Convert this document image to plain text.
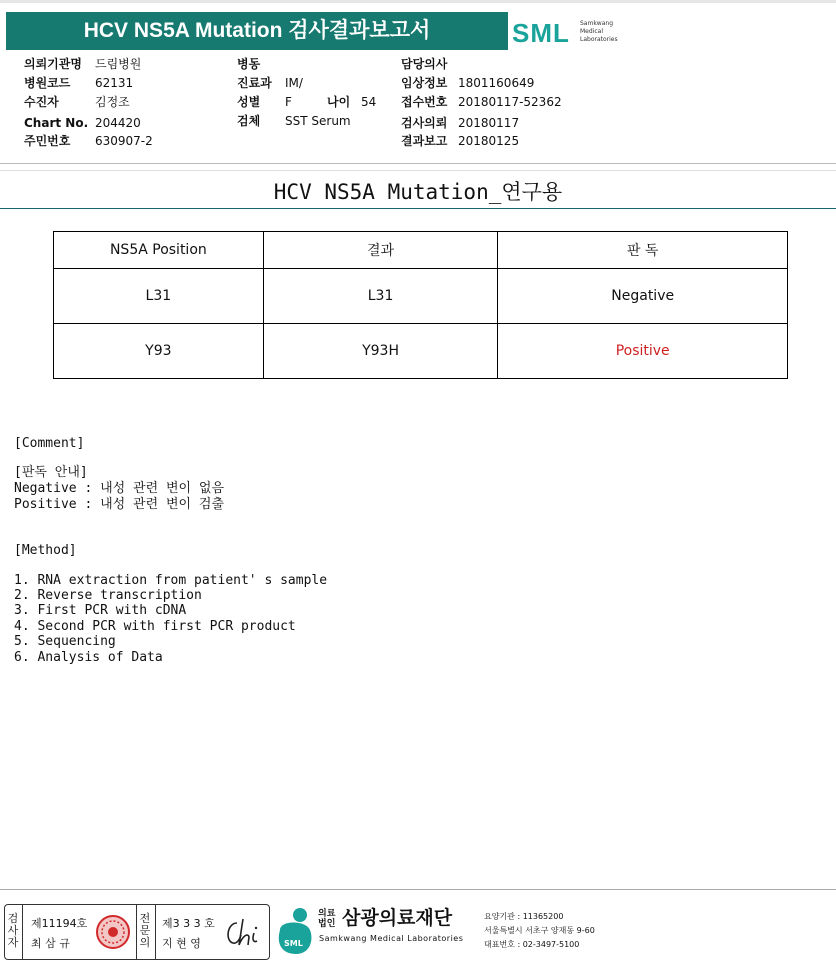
HCV NS5A Mutation 검사결과보고서	SML Samkwang
Medical
Laboratories
의뢰기관명 드림병원
병원코드 62131
수진자	김정조
Chart No. 204420
주민번호 630907-2
병동
진료과 IM/
성별 F	나이 54
검체 SST Serum
담당의사
임상정보 1801160649
접수번호 20180117-52362
검사의뢰 20180117
결과보고 20180125
HCV NS5A Mutation_연구용
NS5A Position	결과	판 독
L31	L31	Negative
Y93	Y93H	Positive
[Comment]
[판독 안내]
Negative : 내성 관련 변이 없음
Positive : 내성 관련 변이 검출
[Method]
1. RNA extraction from patient' s sample
2. Reverse transcription
3. First PCR with cDNA
4. Second PCR with first PCR product
5. Sequencing
6. Analysis of Data
검
사
자
제11194호
최 삼 규
전
문
의
제3 3 3 호
지 현 영	SML
의료
법인 삼광의료재단
Samkwang Medical Laboratories
요양기관 : 11365200
서울특별시 서초구 양재동 9-60
대표번호 : 02-3497-5100
